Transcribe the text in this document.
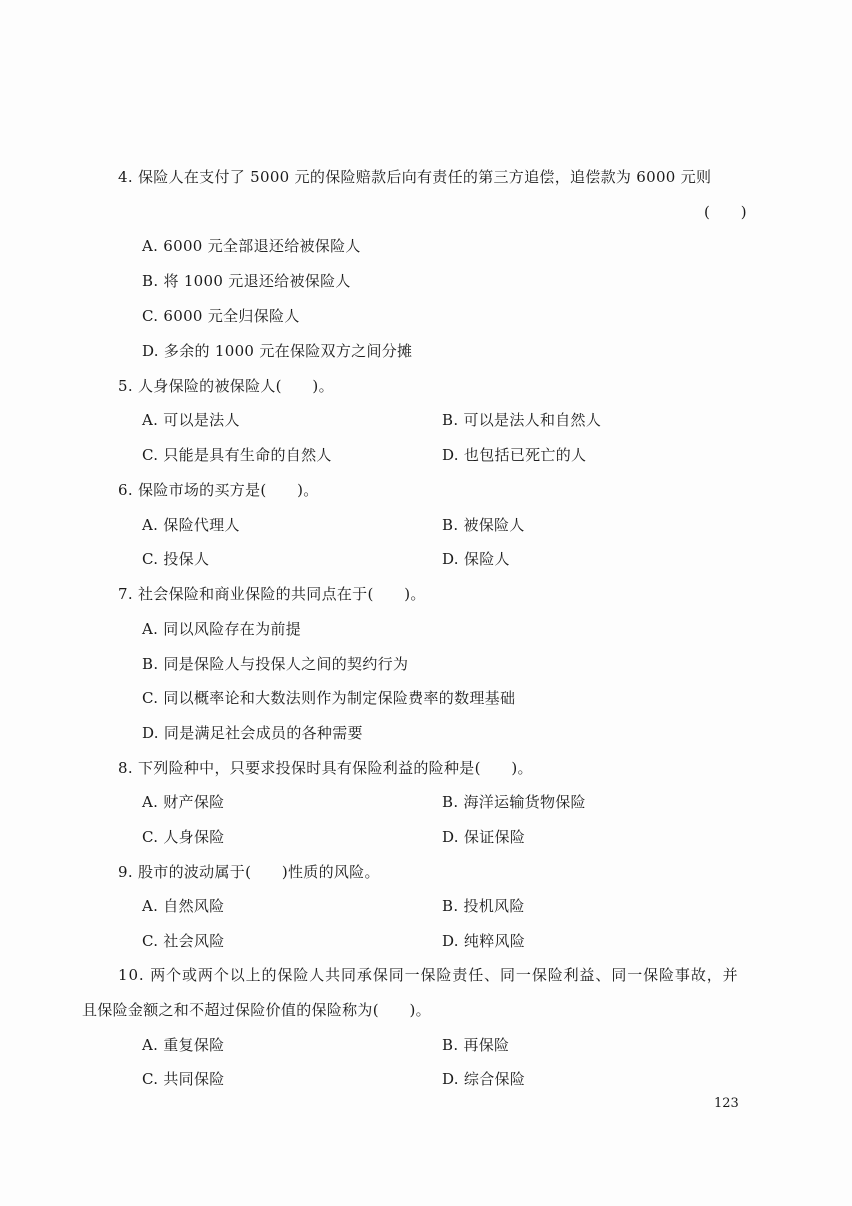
4. 保险人在支付了 5000 元的保险赔款后向有责任的第三方追偿，追偿款为 6000 元则
(　　)
A. 6000 元全部退还给被保险人
B. 将 1000 元退还给被保险人
C. 6000 元全归保险人
D. 多余的 1000 元在保险双方之间分摊
5. 人身保险的被保险人(　　)。
A. 可以是法人	B. 可以是法人和自然人
C. 只能是具有生命的自然人	D. 也包括已死亡的人
6. 保险市场的买方是(　　)。
A. 保险代理人	B. 被保险人
C. 投保人	D. 保险人
7. 社会保险和商业保险的共同点在于(　　)。
A. 同以风险存在为前提
B. 同是保险人与投保人之间的契约行为
C. 同以概率论和大数法则作为制定保险费率的数理基础
D. 同是满足社会成员的各种需要
8. 下列险种中，只要求投保时具有保险利益的险种是(　　)。
A. 财产保险	B. 海洋运输货物保险
C. 人身保险	D. 保证保险
9. 股市的波动属于(　　)性质的风险。
A. 自然风险	B. 投机风险
C. 社会风险	D. 纯粹风险
10. 两个或两个以上的保险人共同承保同一保险责任、同一保险利益、同一保险事故，并
且保险金额之和不超过保险价值的保险称为(　　)。
A. 重复保险	B. 再保险
C. 共同保险	D. 综合保险
123
